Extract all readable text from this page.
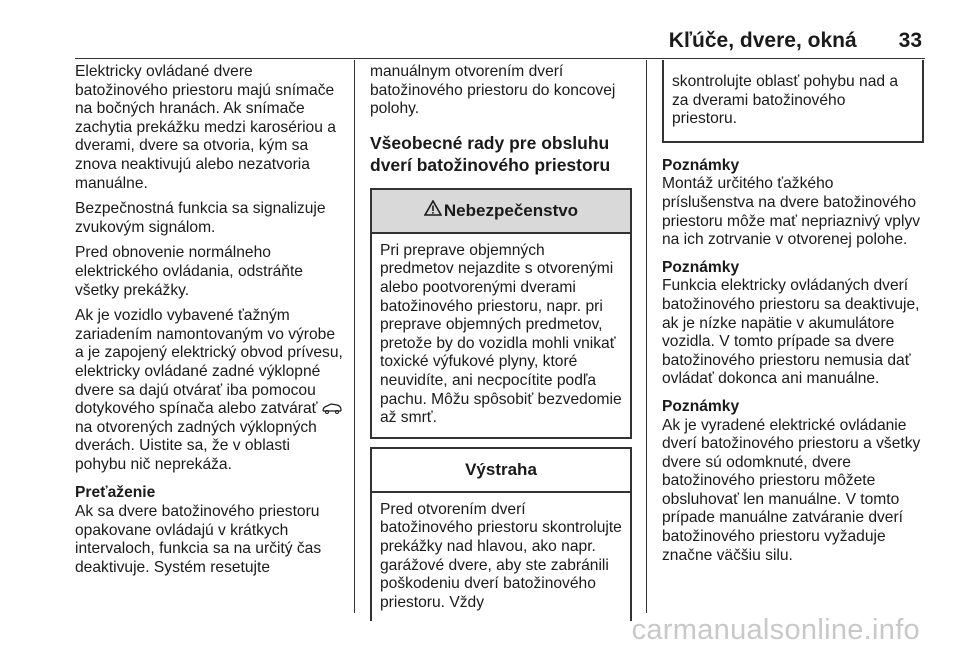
Kľúče, dvere, okná 33

Elektricky ovládané dvere batožinového priestoru majú snímače na bočných hranách. Ak snímače zachytia prekážku medzi karosériou a dverami, dvere sa otvoria, kým sa znova neaktivujú alebo nezatvoria manuálne.

Bezpečnostná funkcia sa signalizuje zvukovým signálom.

Pred obnovenie normálneho elektrického ovládania, odstráňte všetky prekážky.

Ak je vozidlo vybavené ťažným zariadením namontovaným vo výrobe a je zapojený elektrický obvod prívesu, elektricky ovládané zadné výklopné dvere sa dajú otvárať iba pomocou dotykového spínača alebo zatvárať  na otvorených zadných výklopných dverách. Uistite sa, že v oblasti pohybu nič neprekáža.

Preťaženie

Ak sa dvere batožinového priestoru opakovane ovládajú v krátkych intervaloch, funkcia sa na určitý čas deaktivuje. Systém resetujte

manuálnym otvorením dverí batožinového priestoru do koncovej polohy.

Všeobecné rady pre obsluhu dverí batožinového priestoru
Nebezpečenstvo
Pri preprave objemných predmetov nejazdite s otvorenými alebo pootvorenými dverami batožinového priestoru, napr. pri preprave objemných predmetov, pretože by do vozidla mohli vnikať toxické výfukové plyny, ktoré neuvidíte, ani necpocítite podľa pachu. Môžu spôsobiť bezvedomie až smrť.
Výstraha
Pred otvorením dverí batožinového priestoru skontrolujte prekážky nad hlavou, ako napr. garážové dvere, aby ste zabránili poškodeniu dverí batožinového priestoru. Vždy
skontrolujte oblasť pohybu nad a za dverami batožinového priestoru.
Poznámky
Montáž určitého ťažkého príslušenstva na dvere batožinového priestoru môže mať nepriaznivý vplyv na ich zotrvanie v otvorenej polohe.
Poznámky
Funkcia elektricky ovládaných dverí batožinového priestoru sa deaktivuje, ak je nízke napätie v akumulátore vozidla. V tomto prípade sa dvere batožinového priestoru nemusia dať ovládať dokonca ani manuálne.
Poznámky
Ak je vyradené elektrické ovládanie dverí batožinového priestoru a všetky dvere sú odomknuté, dvere batožinového priestoru môžete obsluhovať len manuálne. V tomto prípade manuálne zatváranie dverí batožinového priestoru vyžaduje značne väčšiu silu.
carmanualsonline.info
